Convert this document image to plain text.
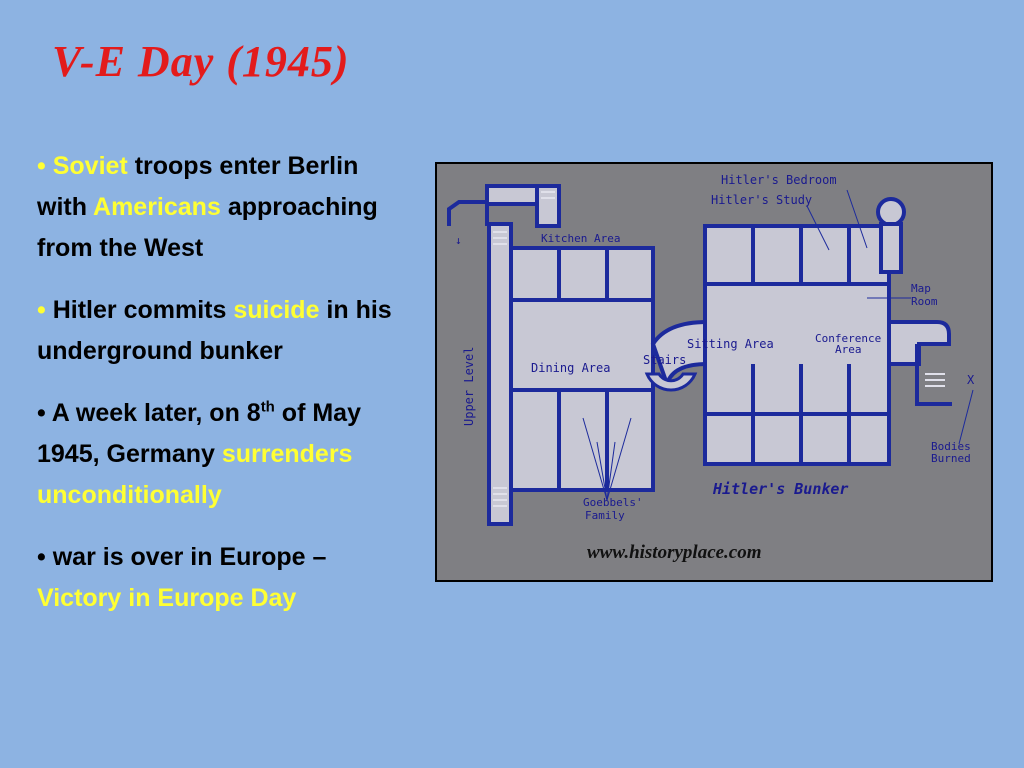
V-E Day (1945)
• Soviet troops enter Berlin with Americans approaching from the West
• Hitler commits suicide in his underground bunker
• A week later, on 8th of May 1945, Germany surrenders unconditionally
• war is over in Europe – Victory in Europe Day
Hitler's Bedroom
Hitler's Study
Kitchen Area
Map
Room
↓
Upper Level
Sitting Area	Conference
Area
Dining Area
Stairs
X
Bodies
Burned
Goebbels'
Family
Hitler's Bunker
www.historyplace.com
